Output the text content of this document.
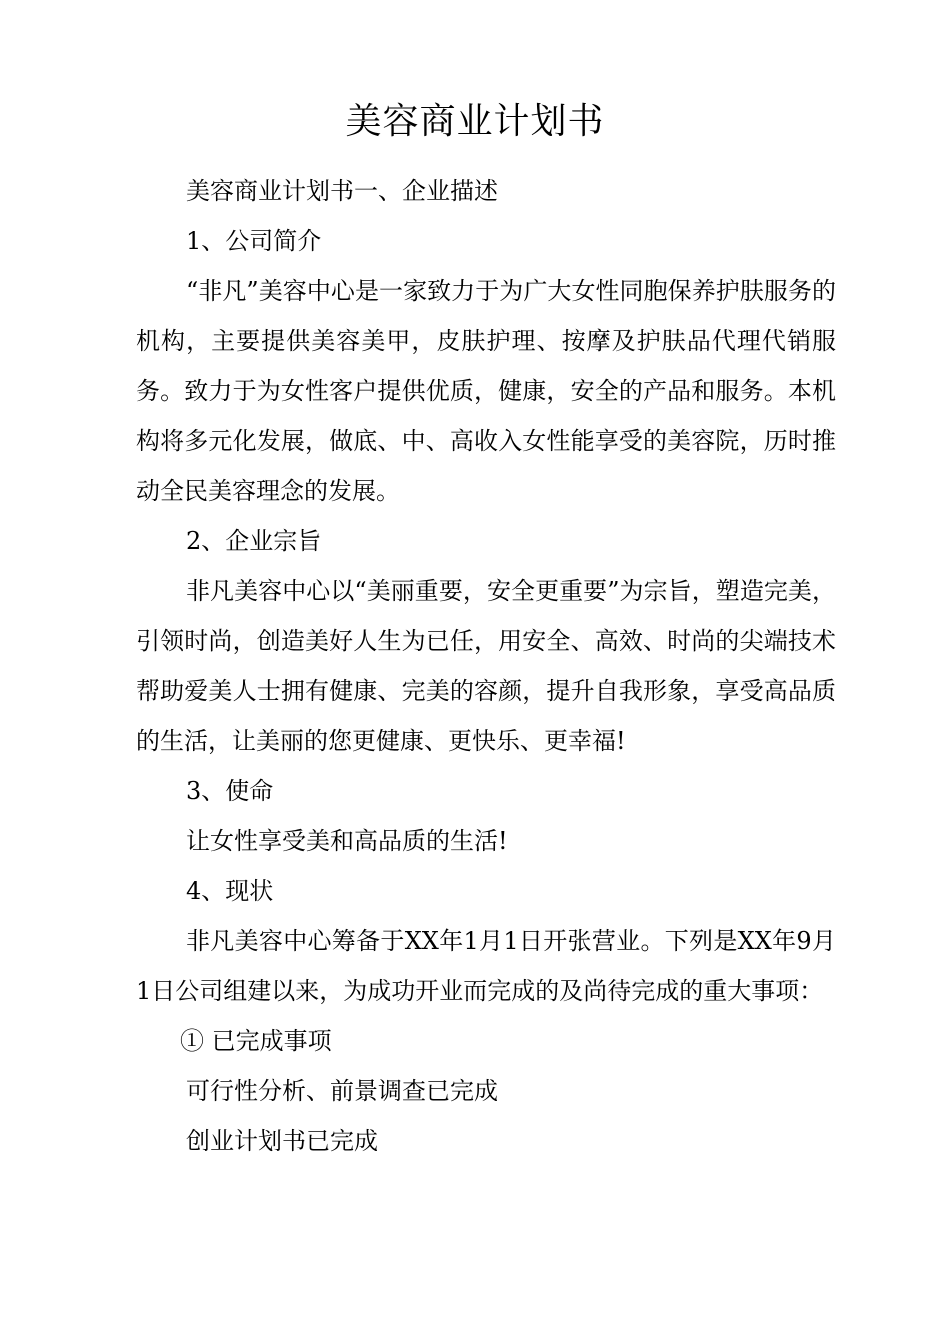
美容商业计划书

美容商业计划书一、企业描述

1、公司简介

“非凡”美容中心是一家致力于为广大女性同胞保养护肤服务的机构，主要提供美容美甲，皮肤护理、按摩及护肤品代理代销服务。致力于为女性客户提供优质，健康，安全的产品和服务。本机构将多元化发展，做底、中、高收入女性能享受的美容院，历时推动全民美容理念的发展。

2、企业宗旨

非凡美容中心以“美丽重要，安全更重要”为宗旨，塑造完美，引领时尚，创造美好人生为已任，用安全、高效、时尚的尖端技术帮助爱美人士拥有健康、完美的容颜，提升自我形象，享受高品质的生活，让美丽的您更健康、更快乐、更幸福!

3、使命

让女性享受美和高品质的生活!

4、现状

非凡美容中心筹备于XX年1月1日开张营业。下列是XX年9月1日公司组建以来，为成功开业而完成的及尚待完成的重大事项：

① 已完成事项

可行性分析、前景调查已完成

创业计划书已完成
